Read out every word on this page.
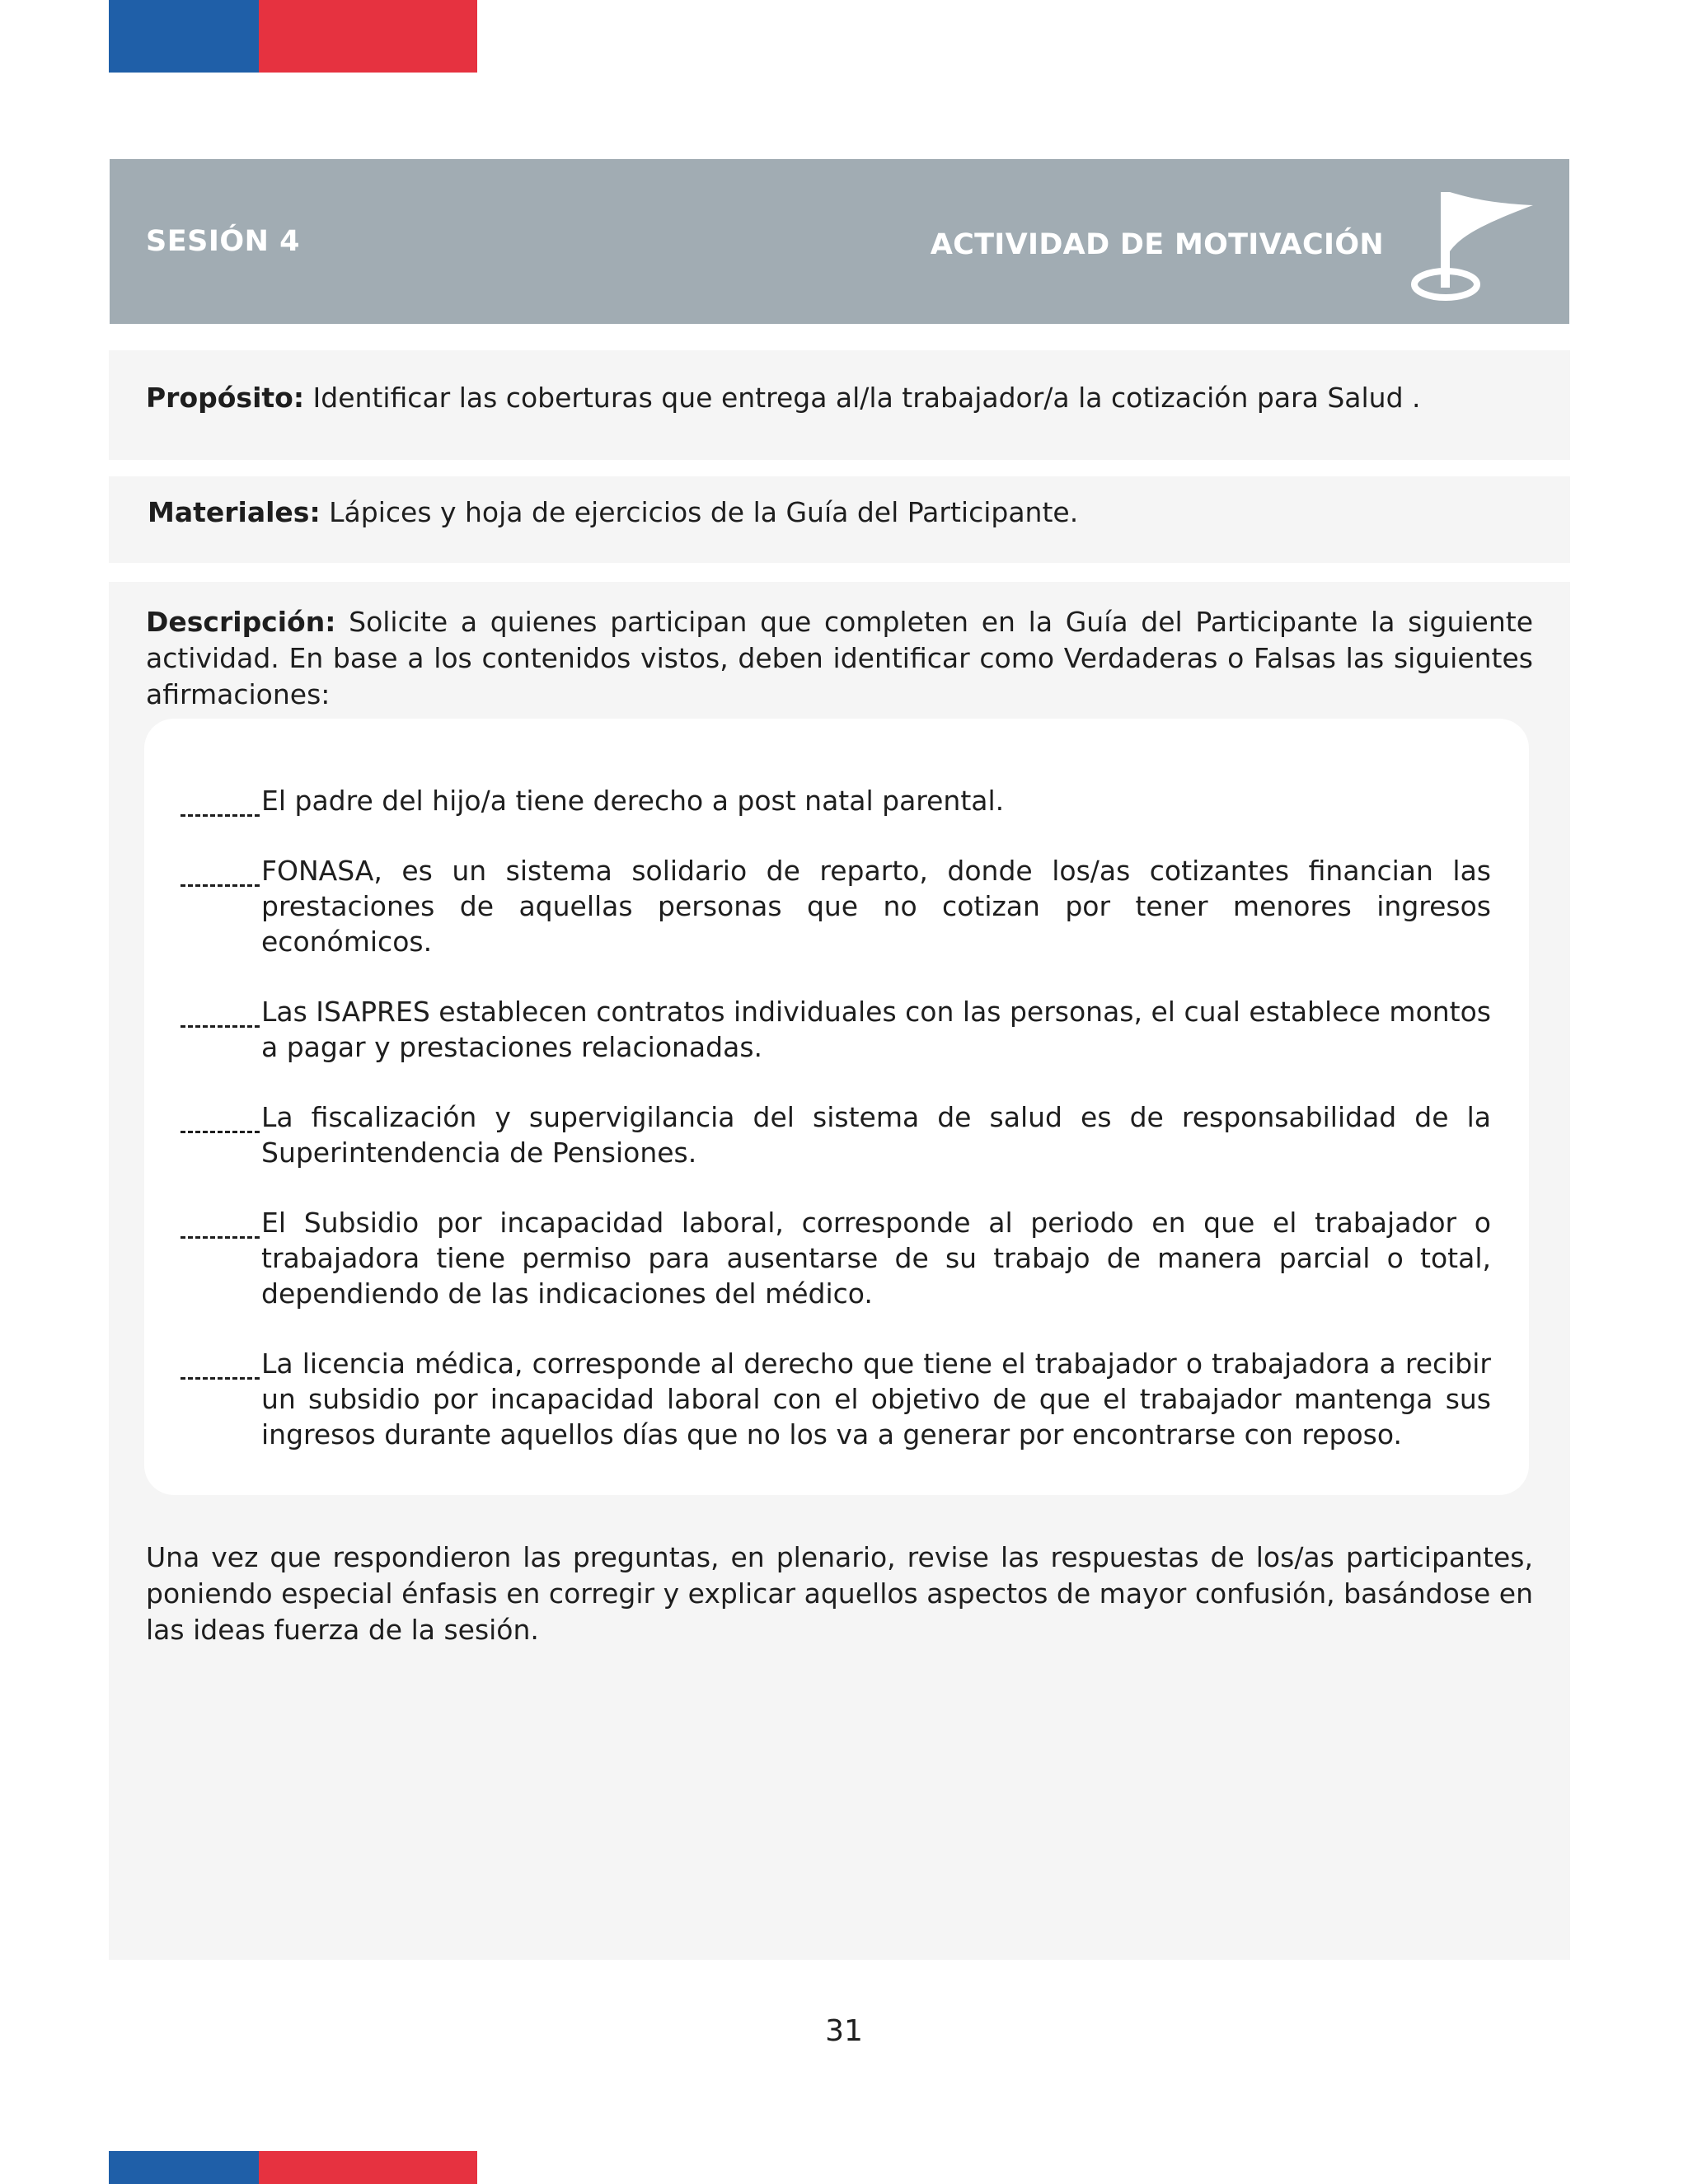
SESIÓN 4	ACTIVIDAD DE MOTIVACIÓN
Propósito: Identificar las coberturas que entrega al/la trabajador/a la cotización para Salud .
Materiales: Lápices y hoja de ejercicios de la Guía del Participante.
Descripción: Solicite a quienes participan que completen en la Guía del Participante la siguiente actividad. En base a los contenidos vistos, deben identificar como Verdaderas o Falsas las siguientes afirmaciones:
El padre del hijo/a tiene derecho a post natal parental.
FONASA, es un sistema solidario de reparto, donde los/as cotizantes financian las prestaciones de aquellas personas que no cotizan por tener menores ingresos económicos.
Las ISAPRES establecen contratos individuales con las personas, el cual establece montos a pagar y prestaciones relacionadas.
La fiscalización y supervigilancia del sistema de salud es de responsabilidad de la Superintendencia de Pensiones.
El Subsidio por incapacidad laboral, corresponde al periodo en que el trabajador o trabajadora tiene permiso para ausentarse de su trabajo de manera parcial o total, dependiendo de las indicaciones del médico.
La licencia médica, corresponde al derecho que tiene el trabajador o trabajadora a recibir un subsidio por incapacidad laboral con el objetivo de que el trabajador mantenga sus ingresos durante aquellos días que no los va a generar por encontrarse con reposo.
Una vez que respondieron las preguntas, en plenario, revise las respuestas de los/as participantes, poniendo especial énfasis en corregir y explicar aquellos aspectos de mayor confusión, basándose en las ideas fuerza de la sesión.
31
